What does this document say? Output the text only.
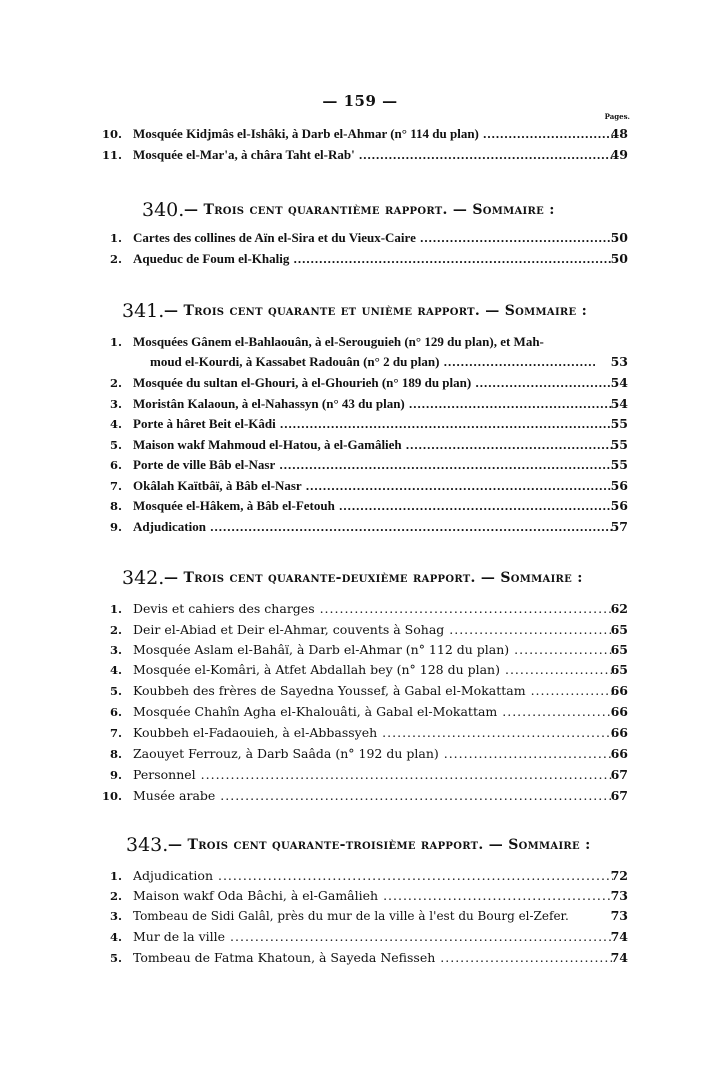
— 159 —
Pages.
10. Mosquée Kidjmâs el-Ishâki, à Darb el-Ahmar (n° 114 du plan) .....	48
11. Mosquée el-Mar'a, à châra Taht el-Rab' .....	49
340. — Trois cent quarantième rapport. — Sommaire :
1. Cartes des collines de Aïn el-Sira et du Vieux-Caire .....	50
2. Aqueduc de Foum el-Khalig .....	50
341. — Trois cent quarante et unième rapport. — Sommaire :
1. Mosquées Gânem el-Bahlaouân, à el-Serouguieh (n° 129 du plan), et Mah-
moud el-Kourdi, à Kassabet Radouân (n° 2 du plan) .....	53
2. Mosquée du sultan el-Ghouri, à el-Ghourieh (n° 189 du plan) .....	54
3. Moristân Kalaoun, à el-Nahassyn (n° 43 du plan) .....	54
4. Porte à hâret Beit el-Kâdi .....	55
5. Maison wakf Mahmoud el-Hatou, à el-Gamâlieh .....	55
6. Porte de ville Bâb el-Nasr .....	55
7. Okâlah Kaïtbâï, à Bâb el-Nasr .....	56
8. Mosquée el-Hâkem, à Bâb el-Fetouh .....	56
9. Adjudication .....	57
342. — Trois cent quarante-deuxième rapport. — Sommaire :
1. Devis et cahiers des charges .....	62
2. Deir el-Abiad et Deir el-Ahmar, couvents à Sohag .....	65
3. Mosquée Aslam el-Bahâï, à Darb el-Ahmar (n° 112 du plan) .....	65
4. Mosquée el-Komâri, à Atfet Abdallah bey (n° 128 du plan) .....	65
5. Koubbeh des frères de Sayedna Youssef, à Gabal el-Mokattam .....	66
6. Mosquée Chahîn Agha el-Khalouâti, à Gabal el-Mokattam .....	66
7. Koubbeh el-Fadaouieh, à el-Abbassyeh .....	66
8. Zaouyet Ferrouz, à Darb Saâda (n° 192 du plan) .....	66
9. Personnel .....	67
10. Musée arabe .....	67
343. — Trois cent quarante-troisième rapport. — Sommaire :
1. Adjudication .....	72
2. Maison wakf Oda Bâchi, à el-Gamâlieh .....	73
3. Tombeau de Sidi Galâl, près du mur de la ville à l'est du Bourg el-Zefer.	73
4. Mur de la ville .....	74
5. Tombeau de Fatma Khatoun, à Sayeda Nefisseh .....	74
